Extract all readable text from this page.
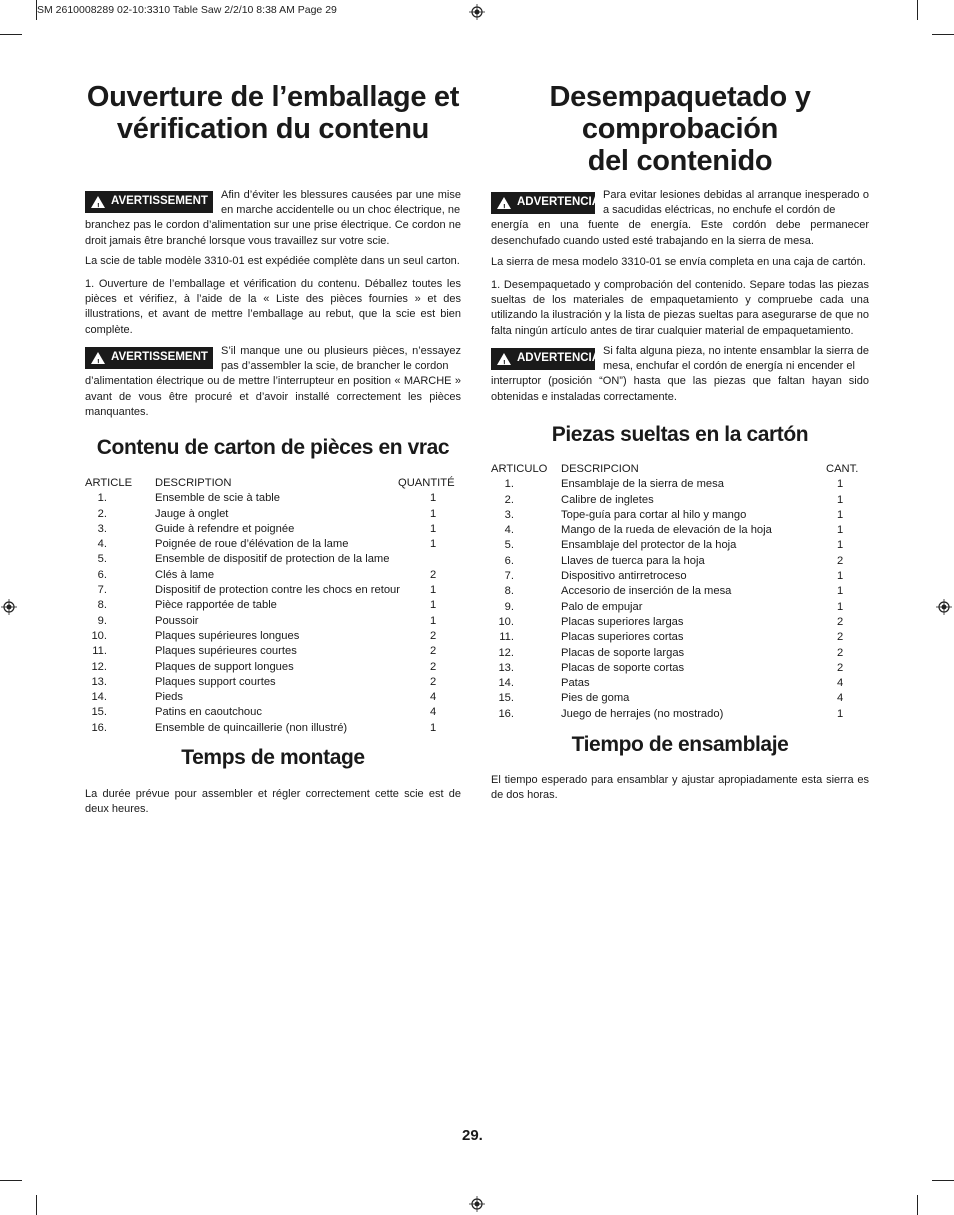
SM 2610008289 02-10:3310 Table Saw 2/2/10 8:38 AM Page 29
Ouverture de l’emballage et
vérification du contenu
! AVERTISSEMENT

Afin d’éviter les blessures causées par une mise en marche accidentelle ou un choc électrique, ne

branchez pas le cordon d’alimentation sur une prise électrique. Ce cordon ne droit jamais être branché lorsque vous travaillez sur votre scie.

La scie de table modèle 3310-01 est expédiée complète dans un seul carton.

1. Ouverture de l’emballage et vérification du contenu. Déballez toutes les pièces et vérifiez, à l’aide de la « Liste des pièces fournies » et des illustrations, et avant de mettre l’emballage au rebut, que la scie est bien complète.

! AVERTISSEMENT

S’il manque une ou plusieurs pièces, n’essayez pas d’assembler la scie, de brancher le cordon

d’alimentation électrique ou de mettre l’interrupteur en position « MARCHE » avant de vous être procuré et d’avoir installé correctement les pièces manquantes.

Contenu de carton de pièces en vrac
ARTICLE DESCRIPTION	QUANTITÉ
1.	Ensemble de scie à table	1
2.	Jauge à onglet	1
3.	Guide à refendre et poignée	1
4.	Poignée de roue d’élévation de la lame	1
5.	Ensemble de dispositif de protection de la lame
6.	Clés à lame	2
7.	Dispositif de protection contre les chocs en retour	1
8.	Pièce rapportée de table	1
9.	Poussoir	1
10.	Plaques supérieures longues	2
11.	Plaques supérieures courtes	2
12.	Plaques de support longues	2
13.	Plaques support courtes	2
14.	Pieds	4
15.	Patins en caoutchouc	4
16.	Ensemble de quincaillerie (non illustré)	1
Temps de montage

La durée prévue pour assembler et régler correctement cette scie est de deux heures.

Desempaquetado y
comprobación
del contenido
! ADVERTENCIA

Para evitar lesiones debidas al arranque inesperado o a sacudidas eléctricas, no enchufe el cordón de

energía en una fuente de energía. Este cordón debe permanecer desenchufado cuando usted esté trabajando en la sierra de mesa.

La sierra de mesa modelo 3310-01 se envía completa en una caja de cartón.

1. Desempaquetado y comprobación del contenido. Separe todas las piezas sueltas de los materiales de empaquetamiento y compruebe cada una utilizando la ilustración y la lista de piezas sueltas para asegurarse de que no falta ningún artículo antes de tirar cualquier material de empaquetamiento.

! ADVERTENCIA

Si falta alguna pieza, no intente ensamblar la sierra de mesa, enchufar el cordón de energía ni encender el

interruptor (posición “ON”) hasta que las piezas que faltan hayan sido obtenidas e instaladas correctamente.

Piezas sueltas en la cartón
ARTICULO DESCRIPCION	CANT.
1.	Ensamblaje de la sierra de mesa	1
2.	Calibre de ingletes	1
3.	Tope-guía para cortar al hilo y mango	1
4.	Mango de la rueda de elevación de la hoja	1
5.	Ensamblaje del protector de la hoja	1
6.	Llaves de tuerca para la hoja	2
7.	Dispositivo antirretroceso	1
8.	Accesorio de inserción de la mesa	1
9.	Palo de empujar	1
10.	Placas superiores largas	2
11.	Placas superiores cortas	2
12.	Placas de soporte largas	2
13.	Placas de soporte cortas	2
14.	Patas	4
15.	Pies de goma	4
16.	Juego de herrajes (no mostrado)	1
Tiempo de ensamblaje

El tiempo esperado para ensamblar y ajustar apropiadamente esta sierra es de dos horas.

29.
